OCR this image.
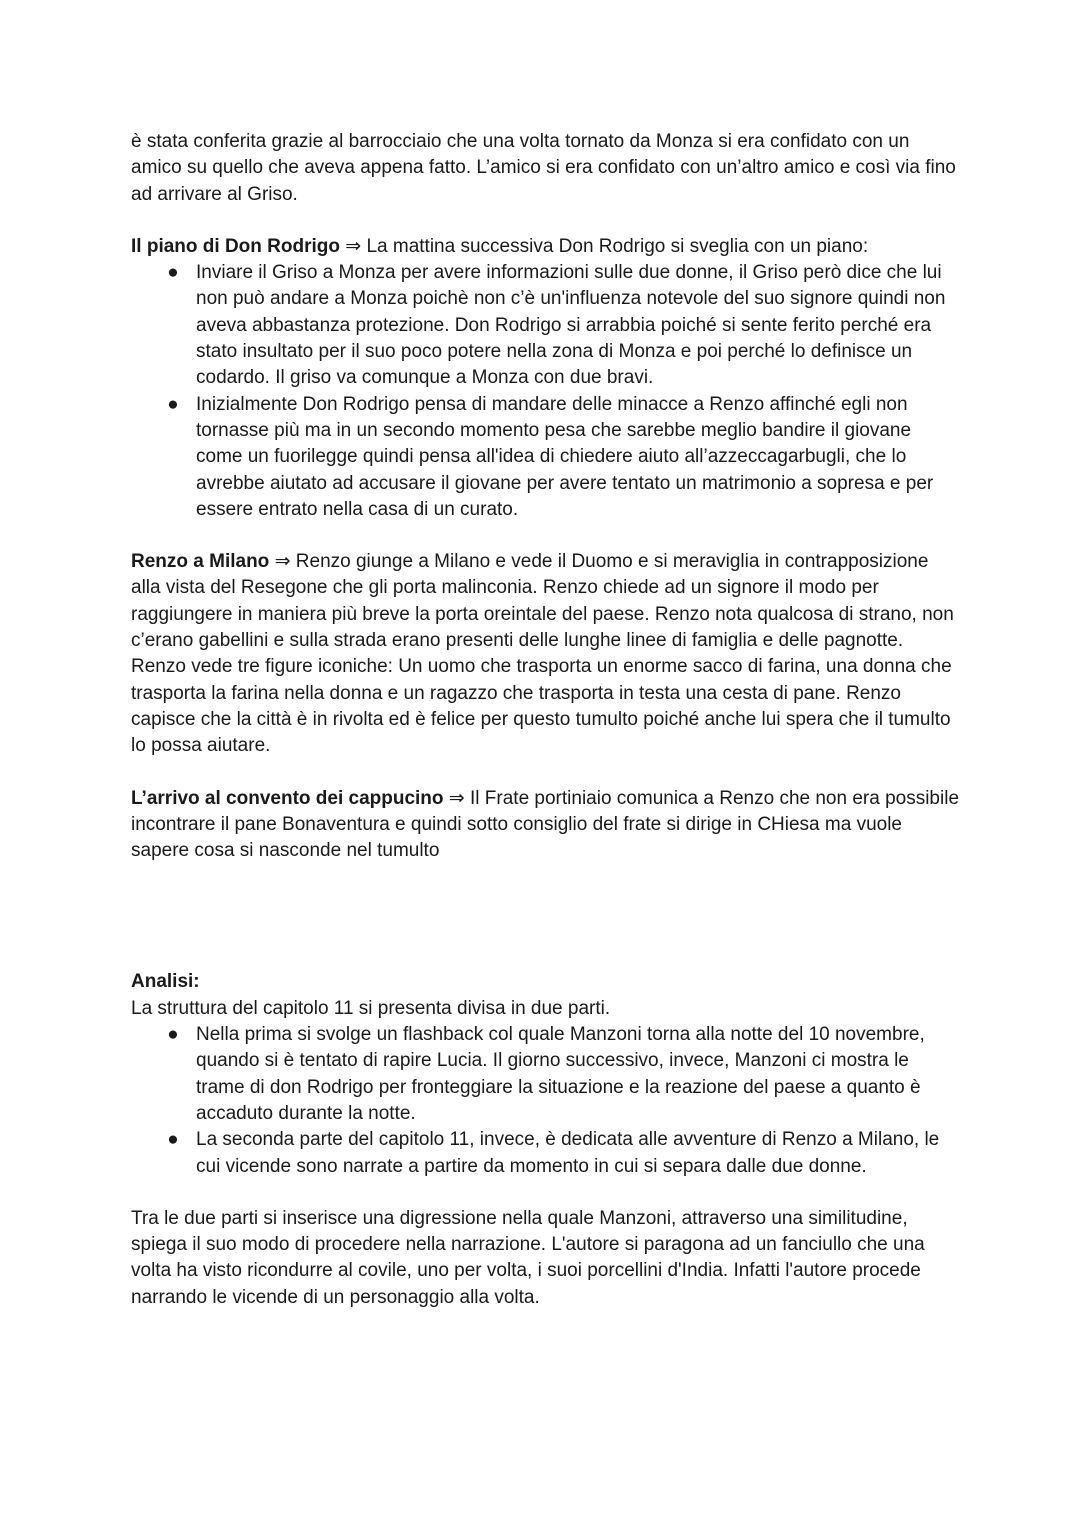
è stata conferita grazie al barrocciaio che una volta tornato da Monza si era confidato con un amico su quello che aveva appena fatto. L’amico si era confidato con un’altro amico e così via fino ad arrivare al Griso.

Il piano di Don Rodrigo ⇒ La mattina successiva Don Rodrigo si sveglia con un piano:

● Inviare il Griso a Monza per avere informazioni sulle due donne, il Griso però dice che lui non può andare a Monza poichè non c’è un'influenza notevole del suo signore quindi non aveva abbastanza protezione. Don Rodrigo si arrabbia poiché si sente ferito perché era stato insultato per il suo poco potere nella zona di Monza e poi perché lo definisce un codardo. Il griso va comunque a Monza con due bravi.
● Inizialmente Don Rodrigo pensa di mandare delle minacce a Renzo affinché egli non tornasse più ma in un secondo momento pesa che sarebbe meglio bandire il giovane come un fuorilegge quindi pensa all'idea di chiedere aiuto all’azzeccagarbugli, che lo avrebbe aiutato ad accusare il giovane per avere tentato un matrimonio a sopresa e per essere entrato nella casa di un curato.

Renzo a Milano ⇒ Renzo giunge a Milano e vede il Duomo e si meraviglia in contrapposizione alla vista del Resegone che gli porta malinconia. Renzo chiede ad un signore il modo per raggiungere in maniera più breve la porta oreintale del paese. Renzo nota qualcosa di strano, non c’erano gabellini e sulla strada erano presenti delle lunghe linee di famiglia e delle pagnotte. Renzo vede tre figure iconiche: Un uomo che trasporta un enorme sacco di farina, una donna che trasporta la farina nella donna e un ragazzo che trasporta in testa una cesta di pane. Renzo capisce che la città è in rivolta ed è felice per questo tumulto poiché anche lui spera che il tumulto lo possa aiutare.

L’arrivo al convento dei cappucino ⇒ Il Frate portiniaio comunica a Renzo che non era possibile incontrare il pane Bonaventura e quindi sotto consiglio del frate si dirige in CHiesa ma vuole sapere cosa si nasconde nel tumulto

Analisi:

La struttura del capitolo 11 si presenta divisa in due parti.

● Nella prima si svolge un flashback col quale Manzoni torna alla notte del 10 novembre, quando si è tentato di rapire Lucia. Il giorno successivo, invece, Manzoni ci mostra le trame di don Rodrigo per fronteggiare la situazione e la reazione del paese a quanto è accaduto durante la notte.
● La seconda parte del capitolo 11, invece, è dedicata alle avventure di Renzo a Milano, le cui vicende sono narrate a partire da momento in cui si separa dalle due donne.

Tra le due parti si inserisce una digressione nella quale Manzoni, attraverso una similitudine, spiega il suo modo di procedere nella narrazione. L'autore si paragona ad un fanciullo che una volta ha visto ricondurre al covile, uno per volta, i suoi porcellini d'India. Infatti l'autore procede narrando le vicende di un personaggio alla volta.
